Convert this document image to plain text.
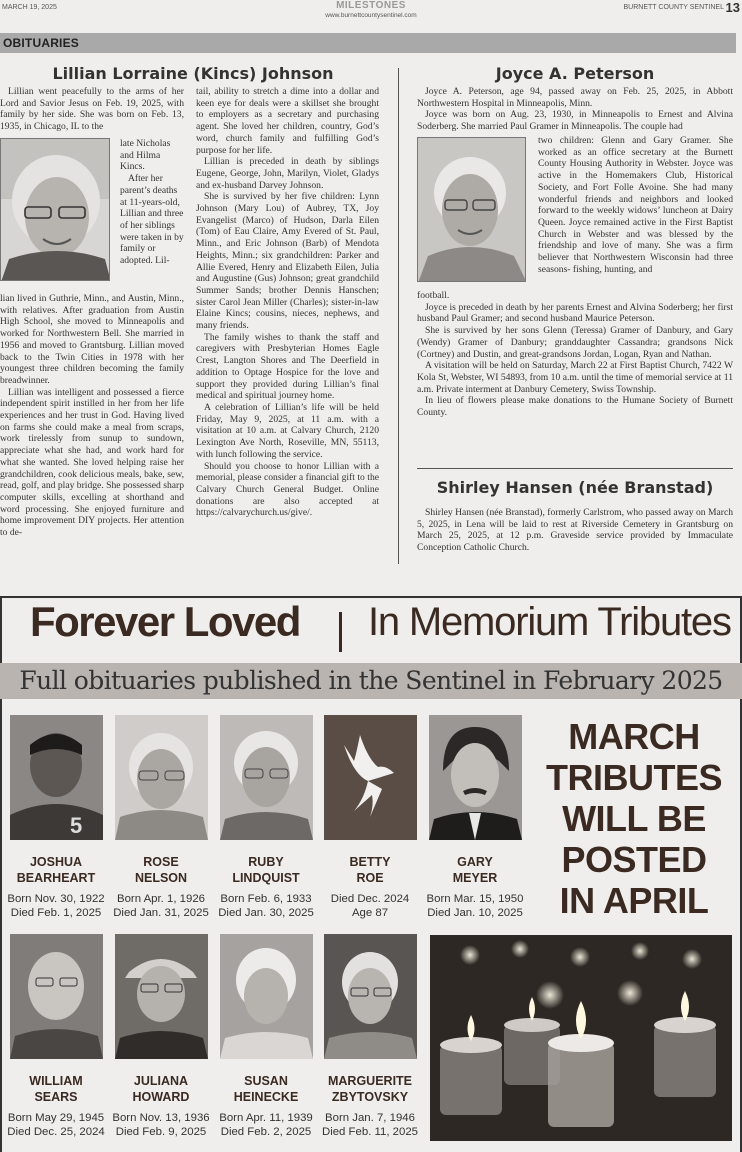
MARCH 19, 2025	MILESTONES
www.burnettcountysentinel.com
BURNETT COUNTY SENTINEL 13
OBITUARIES
Lillian Lorraine (Kincs) Johnson

Lillian went peacefully to the arms of her Lord and Savior Jesus on Feb. 19, 2025, with family by her side. She was born on Feb. 13, 1935, in Chicago, IL to the

late Nicholas and Hilma Kincs.

After her parent’s deaths at 11-years-old, Lillian and three of her siblings were taken in by family or adopted. Lil-

lian lived in Guthrie, Minn., and Austin, Minn., with relatives. After graduation from Austin High School, she moved to Minneapolis and worked for Northwestern Bell. She married in 1956 and moved to Grantsburg. Lillian moved back to the Twin Cities in 1978 with her youngest three children becoming the family breadwinner.

Lillian was intelligent and possessed a fierce independent spirit instilled in her from her life experiences and her trust in God. Having lived on farms she could make a meal from scraps, work tirelessly from sunup to sundown, appreciate what she had, and work hard for what she wanted. She loved helping raise her grandchildren, cook delicious meals, bake, sew, read, golf, and play bridge. She possessed sharp computer skills, excelling at shorthand and word processing. She enjoyed furniture and home improvement DIY projects. Her attention to de-

tail, ability to stretch a dime into a dollar and keen eye for deals were a skillset she brought to employers as a secretary and purchasing agent. She loved her children, country, God’s word, church family and fulfilling God’s purpose for her life.

Lillian is preceded in death by siblings Eugene, George, John, Marilyn, Violet, Gladys and ex-husband Darvey Johnson.

She is survived by her five children: Lynn Johnson (Mary Lou) of Aubrey, TX, Joy Evangelist (Marco) of Hudson, Darla Eilen (Tom) of Eau Claire, Amy Evered of St. Paul, Minn., and Eric Johnson (Barb) of Mendota Heights, Minn.; six grandchildren: Parker and Allie Evered, Henry and Elizabeth Eilen, Julia and Augustine (Gus) Johnson; great grandchild Summer Sands; brother Dennis Hanschen; sister Carol Jean Miller (Charles); sister-in-law Elaine Kincs; cousins, nieces, nephews, and many friends.

The family wishes to thank the staff and caregivers with Presbyterian Homes Eagle Crest, Langton Shores and The Deerfield in addition to Optage Hospice for the love and support they provided during Lillian’s final medical and spiritual journey home.

A celebration of Lillian’s life will be held Friday, May 9, 2025, at 11 a.m. with a visitation at 10 a.m. at Calvary Church, 2120 Lexington Ave North, Roseville, MN, 55113, with lunch following the service.

Should you choose to honor Lillian with a memorial, please consider a financial gift to the Calvary Church General Budget. Online donations are also accepted at https://calvarychurch.us/give/.

Joyce A. Peterson

Joyce A. Peterson, age 94, passed away on Feb. 25, 2025, in Abbott Northwestern Hospital in Minneapolis, Minn.

Joyce was born on Aug. 23, 1930, in Minneapolis to Ernest and Alvina Soderberg. She married Paul Gramer in Minneapolis. The couple had

two children: Glenn and Gary Gramer. She worked as an office secretary at the Burnett County Housing Authority in Webster. Joyce was active in the Homemakers Club, Historical Society, and Fort Folle Avoine. She had many wonderful friends and neighbors and looked forward to the weekly widows’ luncheon at Dairy Queen. Joyce remained active in the First Baptist Church in Webster and was blessed by the friendship and love of many. She was a firm believer that Northwestern Wisconsin had three seasons- fishing, hunting, and

football.

Joyce is preceded in death by her parents Ernest and Alvina Soderberg; her first husband Paul Gramer; and second husband Maurice Peterson.

She is survived by her sons Glenn (Teressa) Gramer of Danbury, and Gary (Wendy) Gramer of Danbury; granddaughter Cassandra; grandsons Nick (Cortney) and Dustin, and great-grandsons Jordan, Logan, Ryan and Nathan.

A visitation will be held on Saturday, March 22 at First Baptist Church, 7422 W Kola St, Webster, WI 54893, from 10 a.m. until the time of memorial service at 11 a.m. Private interment at Danbury Cemetery, Swiss Township.

In lieu of flowers please make donations to the Humane Society of Burnett County.

Shirley Hansen (née Branstad)

Shirley Hansen (née Branstad), formerly Carlstrom, who passed away on March 5, 2025, in Lena will be laid to rest at Riverside Cemetery in Grantsburg on March 25, 2025, at 12 p.m. Graveside service provided by Immaculate Conception Catholic Church.

Forever Loved In Memorium Tributes
Full obituaries published in the Sentinel in February 2025
5
JOSHUA
BEARHEART
Born Nov. 30, 1922
Died Feb. 1, 2025
ROSE
NELSON
Born Apr. 1, 1926
Died Jan. 31, 2025
RUBY
LINDQUIST
Born Feb. 6, 1933
Died Jan. 30, 2025
BETTY
ROE
Died Dec. 2024
Age 87
GARY
MEYER
Born Mar. 15, 1950
Died Jan. 10, 2025
MARCH
TRIBUTES
WILL BE
POSTED
IN APRIL
WILLIAM
SEARS
Born May 29, 1945
Died Dec. 25, 2024
JULIANA
HOWARD
Born Nov. 13, 1936
Died Feb. 9, 2025
SUSAN
HEINECKE
Born Apr. 11, 1939
Died Feb. 2, 2025
MARGUERITE
ZBYTOVSKY
Born Jan. 7, 1946
Died Feb. 11, 2025
